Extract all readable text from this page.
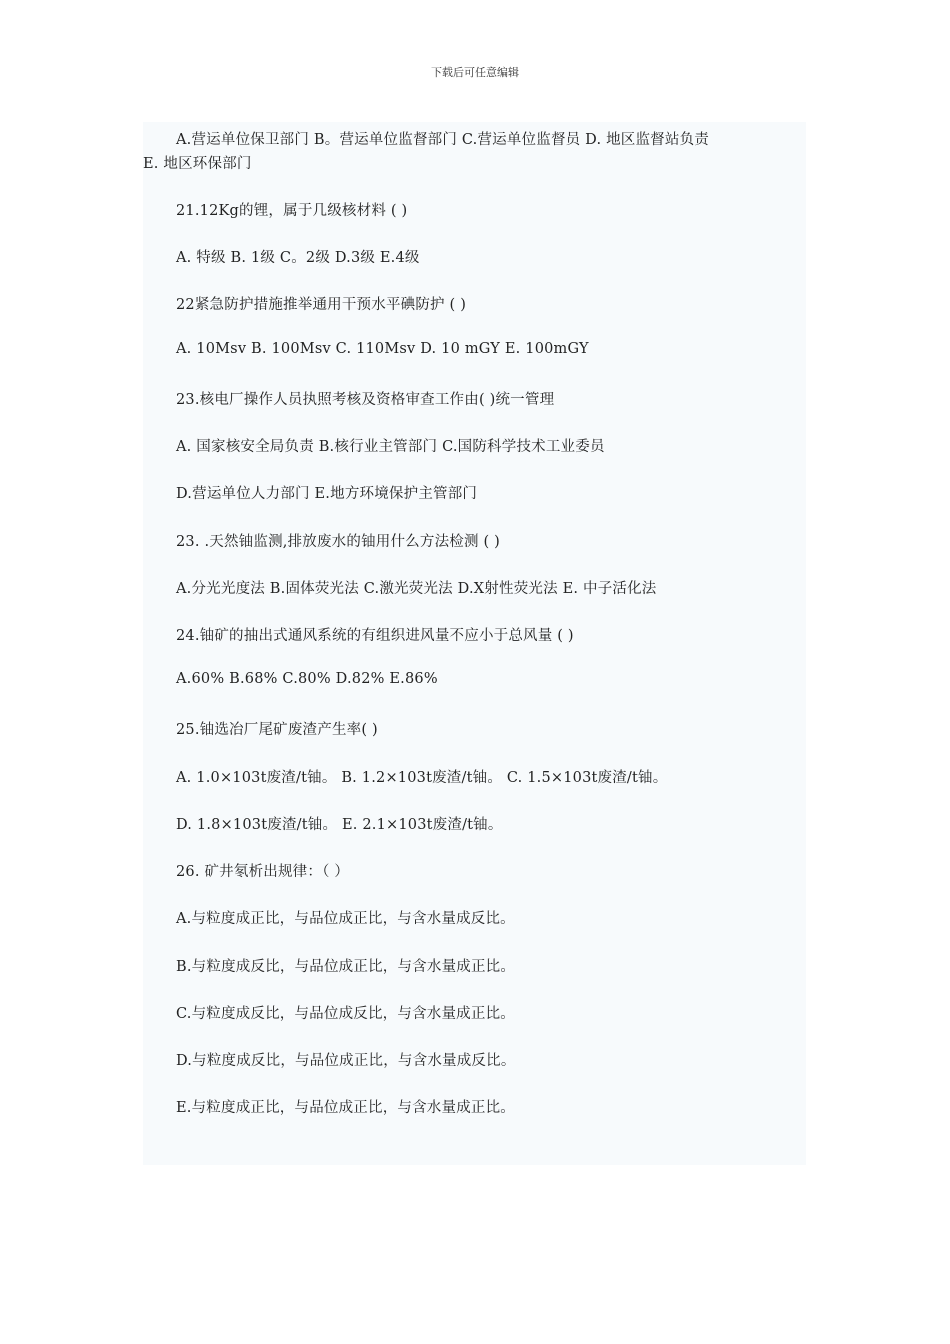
下载后可任意编辑
A.营运单位保卫部门 B。营运单位监督部门 C.营运单位监督员 D. 地区监督站负责
E. 地区环保部门
21.12Kg的锂，属于几级核材料 ( )
A. 特级 B. 1级 C。2级 D.3级 E.4级
22紧急防护措施推举通用干预水平碘防护 ( )
A. 10Msv B. 100Msv C. 110Msv D. 10 mGY E. 100mGY
23.核电厂操作人员执照考核及资格审查工作由( )统一管理
A. 国家核安全局负责 B.核行业主管部门 C.国防科学技术工业委员
D.营运单位人力部门 E.地方环境保护主管部门
23. .天然铀监测,排放废水的铀用什么方法检测 ( )
A.分光光度法 B.固体荧光法 C.激光荧光法 D.X射性荧光法 E. 中子活化法
24.铀矿的抽出式通风系统的有组织进风量不应小于总风量 ( )
A.60% B.68% C.80% D.82% E.86%
25.铀选冶厂尾矿废渣产生率( )
A. 1.0×103t废渣/t铀。 B. 1.2×103t废渣/t铀。 C. 1.5×103t废渣/t铀。
D. 1.8×103t废渣/t铀。 E. 2.1×103t废渣/t铀。
26. 矿井氡析出规律：（ ）
A.与粒度成正比，与品位成正比，与含水量成反比。
B.与粒度成反比，与品位成正比，与含水量成正比。
C.与粒度成反比，与品位成反比，与含水量成正比。
D.与粒度成反比，与品位成正比，与含水量成反比。
E.与粒度成正比，与品位成正比，与含水量成正比。
